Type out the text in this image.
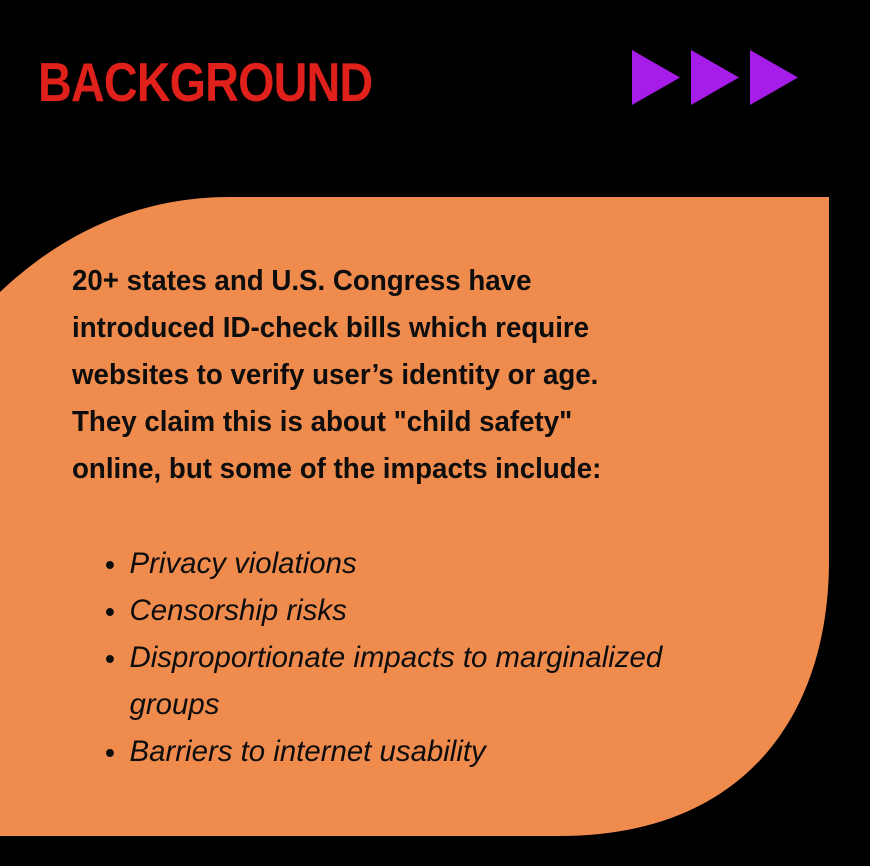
BACKGROUND

20+ states and U.S. Congress have
introduced ID-check bills which require
websites to verify user’s identity or age.
They claim this is about "child safety"
online, but some of the impacts include:

Privacy violations
Censorship risks
Disproportionate impacts to marginalized groups
Barriers to internet usability
